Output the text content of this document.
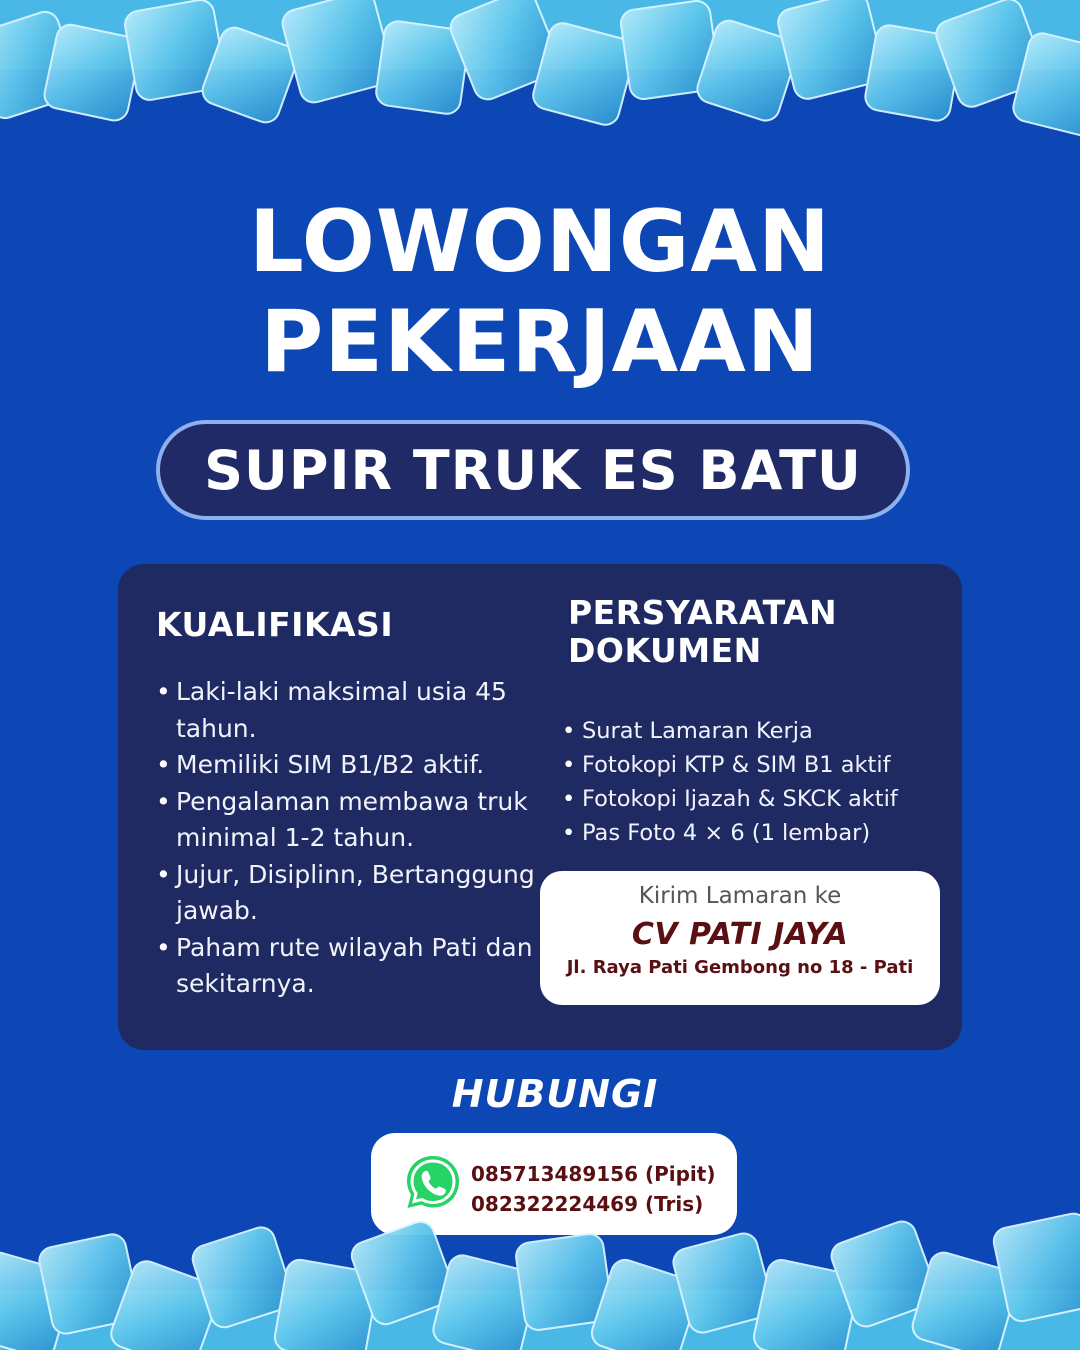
LOWONGAN
PEKERJAAN
SUPIR TRUK ES BATU
KUALIFIKASI
• Laki-laki maksimal usia 45 tahun.
• Memiliki SIM B1/B2 aktif.
• Pengalaman membawa truk minimal 1-2 tahun.
• Jujur, Disiplinn, Bertanggung jawab.
• Paham rute wilayah Pati dan sekitarnya.
PERSYARATAN
DOKUMEN
• Surat Lamaran Kerja
• Fotokopi KTP & SIM B1 aktif
• Fotokopi Ijazah & SKCK aktif
• Pas Foto 4 × 6 (1 lembar)
Kirim Lamaran ke
CV PATI JAYA
Jl. Raya Pati Gembong no 18 - Pati
HUBUNGI
085713489156 (Pipit)
082322224469 (Tris)
